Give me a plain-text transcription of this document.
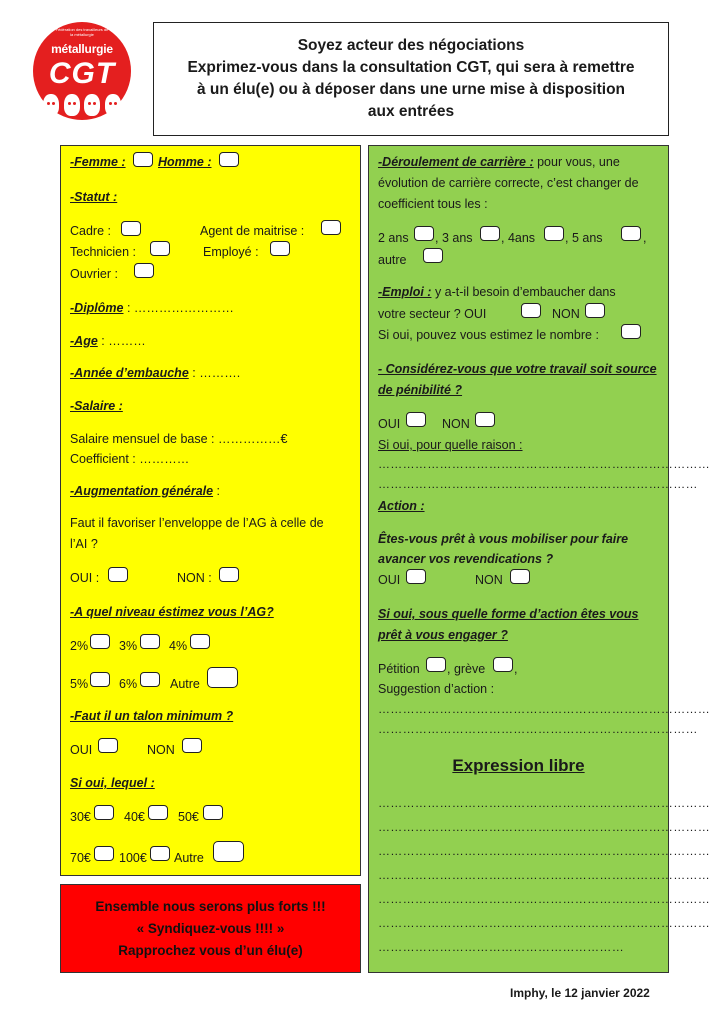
Fédération des travailleurs de la métallurgie
métallurgie
CGT
Soyez acteur des négociations
Exprimez-vous dans la consultation CGT, qui sera à remettre
à un élu(e) ou à déposer dans une urne mise à disposition
aux entrées
-Femme :	Homme :
-Statut :
Cadre :	Agent de maitrise :
Technicien :	Employé :
Ouvrier :
-Diplôme : ……………………
-Age : ………
-Année d’embauche : ……….
-Salaire :
Salaire mensuel de base : ……………€
Coefficient : …………
-Augmentation générale :
Faut il favoriser l’enveloppe de l’AG à celle de
l’AI ?
OUI :	NON :
-A quel niveau éstimez vous l’AG?
2% 3%	4%
5% 6%	Autre
-Faut il un talon minimum ?
OUI	NON
Si oui, lequel :
30€	40€	50€
70€ 100€ Autre
Ensemble nous serons plus forts !!!
« Syndiquez-vous !!!! »
Rapprochez vous d’un élu(e)
-Déroulement de carrière : pour vous, une
évolution de carrière correcte, c’est changer de
coefficient tous les :
2 ans , 3 ans , 4ans , 5 ans	,
autre
-Emploi : y a-t-il besoin d’embaucher dans
votre secteur ? OUI	NON
Si oui, pouvez vous estimez le nombre :
- Considérez-vous que votre travail soit source
de pénibilité ?
OUI	NON
Si oui, pour quelle raison :
………………………………………………………………………
……………………………………………………………………
Action :
Êtes-vous prêt à vous mobiliser pour faire
avancer vos revendications ?
OUI	NON
Si oui, sous quelle forme d’action êtes vous
prêt à vous engager ?
Pétition , grève ,
Suggestion d’action :
………………………………………………………………………
……………………………………………………………………
Expression libre
………………………………………………………………………
………………………………………………………………………
………………………………………………………………………
………………………………………………………………………
………………………………………………………………………
………………………………………………………………………
……………………………………………………
Imphy, le 12 janvier 2022
